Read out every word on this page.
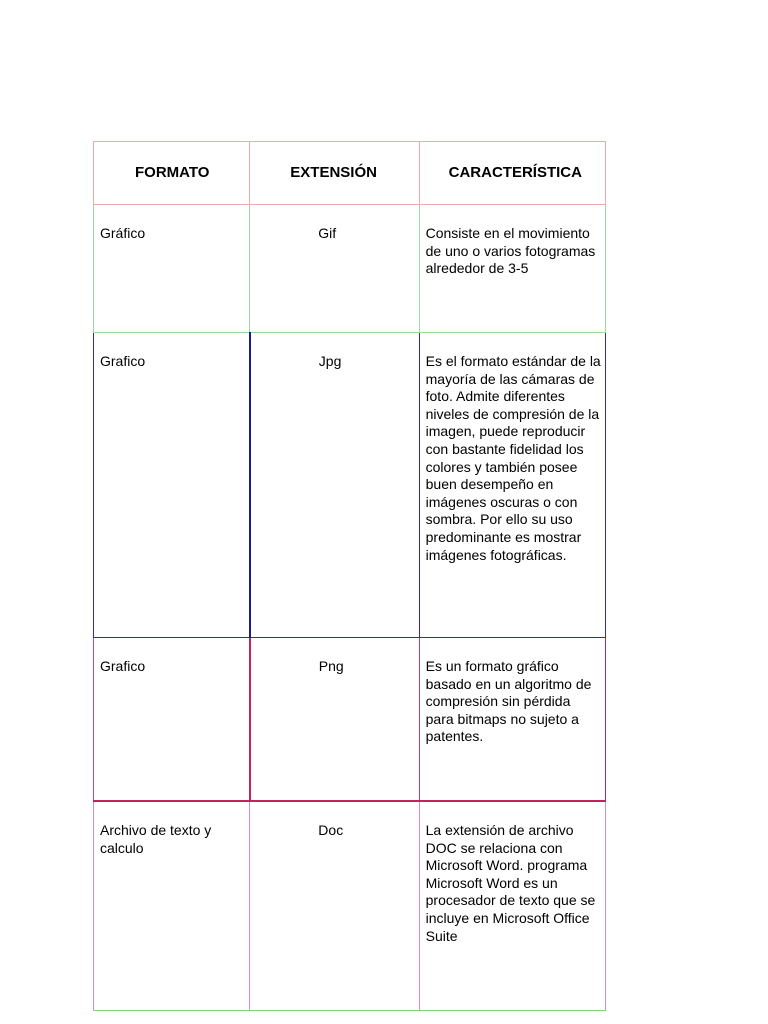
FORMATO	EXTENSIÓN	CARACTERÍSTICA
Gráfico	Gif	Consiste en el movimiento de uno o varios fotogramas alrededor de 3-5
Grafico	Jpg	Es el formato estándar de la mayoría de las cámaras de foto. Admite diferentes niveles de compresión de la imagen, puede reproducir con bastante fidelidad los colores y también posee buen desempeño en imágenes oscuras o con sombra. Por ello su uso predominante es mostrar imágenes fotográficas.
Grafico	Png	Es un formato gráfico basado en un algoritmo de compresión sin pérdida para bitmaps no sujeto a patentes.
Archivo de texto y calculo	Doc	La extensión de archivo DOC se relaciona con Microsoft Word. programa Microsoft Word es un procesador de texto que se incluye en Microsoft Office Suite
